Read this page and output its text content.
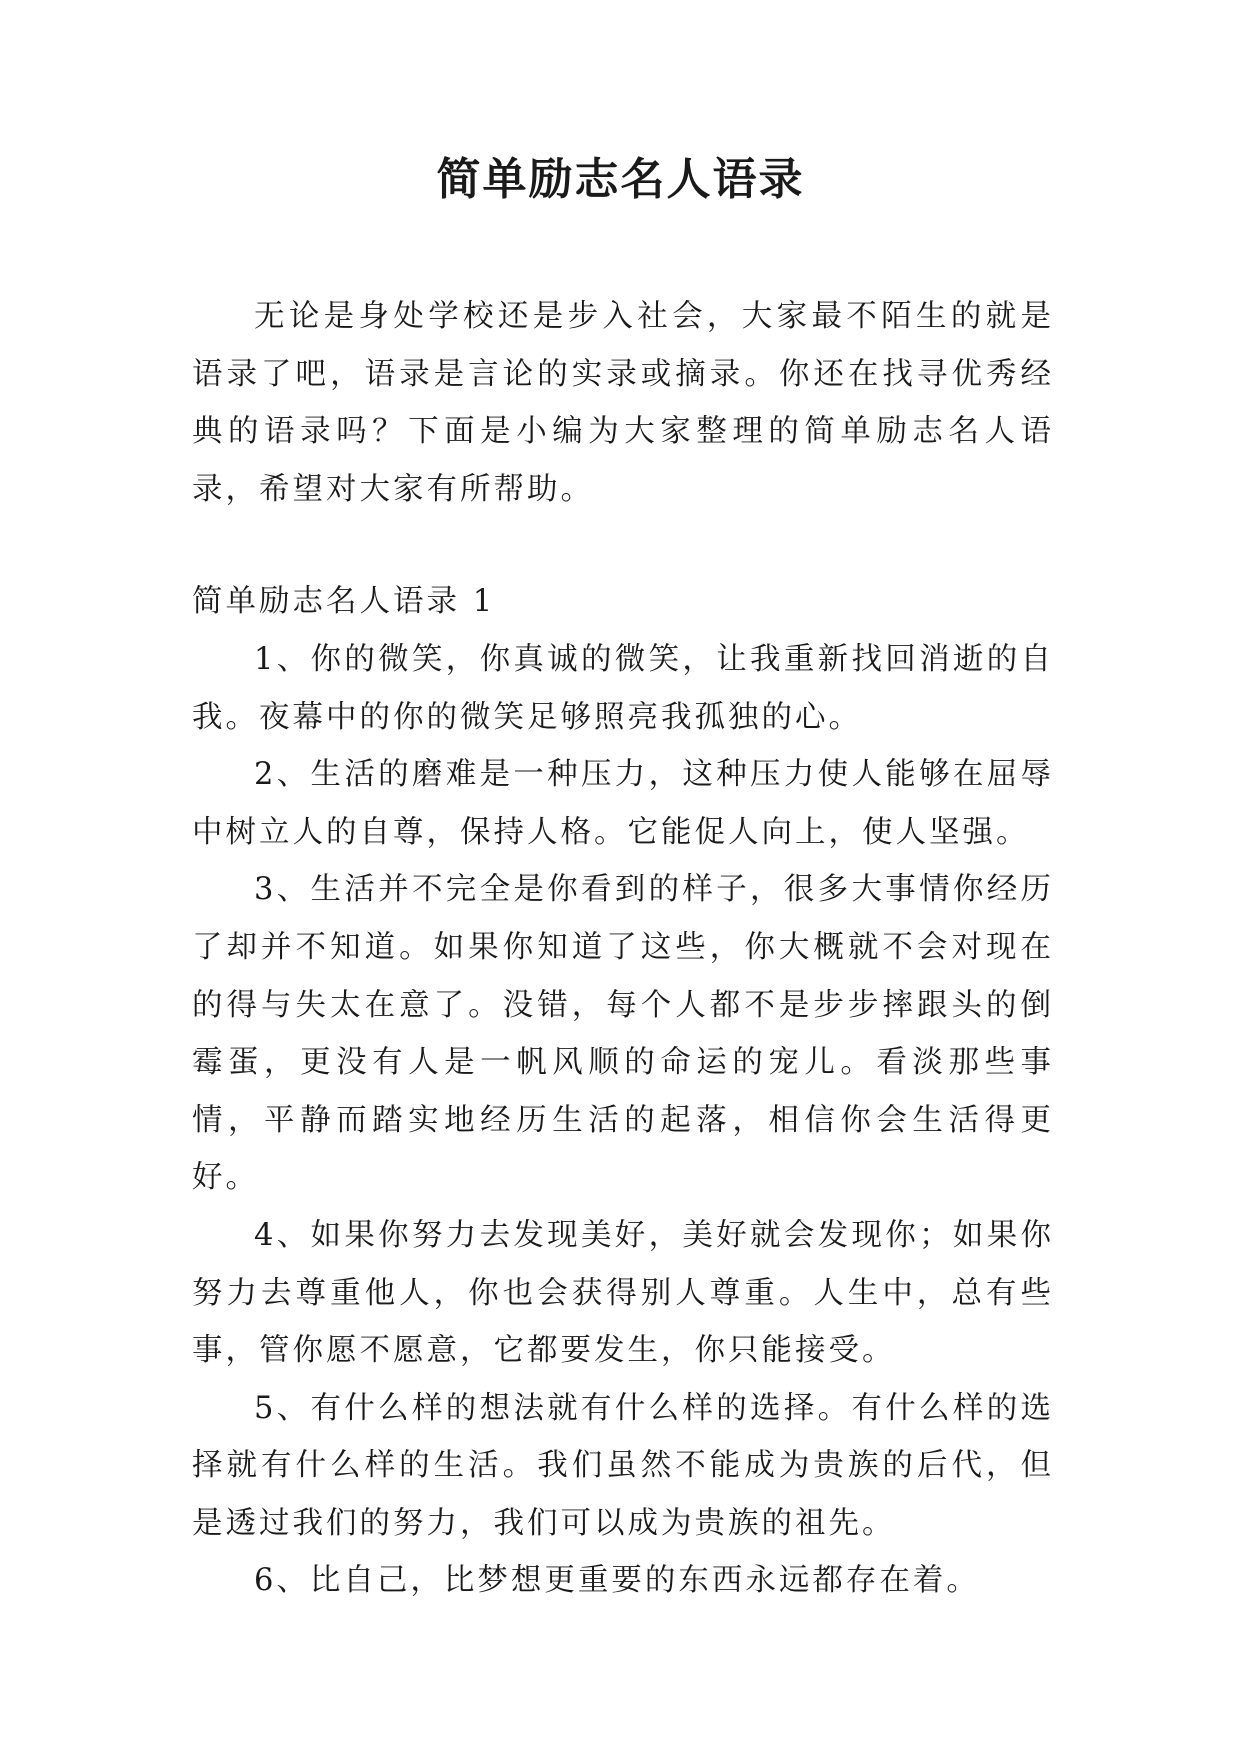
简单励志名人语录

无论是身处学校还是步入社会，大家最不陌生的就是语录了吧，语录是言论的实录或摘录。你还在找寻优秀经典的语录吗？下面是小编为大家整理的简单励志名人语录，希望对大家有所帮助。

简单励志名人语录 1

1、你的微笑，你真诚的微笑，让我重新找回消逝的自我。夜幕中的你的微笑足够照亮我孤独的心。

2、生活的磨难是一种压力，这种压力使人能够在屈辱中树立人的自尊，保持人格。它能促人向上，使人坚强。

3、生活并不完全是你看到的样子，很多大事情你经历了却并不知道。如果你知道了这些，你大概就不会对现在的得与失太在意了。没错，每个人都不是步步摔跟头的倒霉蛋，更没有人是一帆风顺的命运的宠儿。看淡那些事情，平静而踏实地经历生活的起落，相信你会生活得更好。

4、如果你努力去发现美好，美好就会发现你；如果你努力去尊重他人，你也会获得别人尊重。人生中，总有些事，管你愿不愿意，它都要发生，你只能接受。

5、有什么样的想法就有什么样的选择。有什么样的选择就有什么样的生活。我们虽然不能成为贵族的后代，但是透过我们的努力，我们可以成为贵族的祖先。

6、比自己，比梦想更重要的东西永远都存在着。
